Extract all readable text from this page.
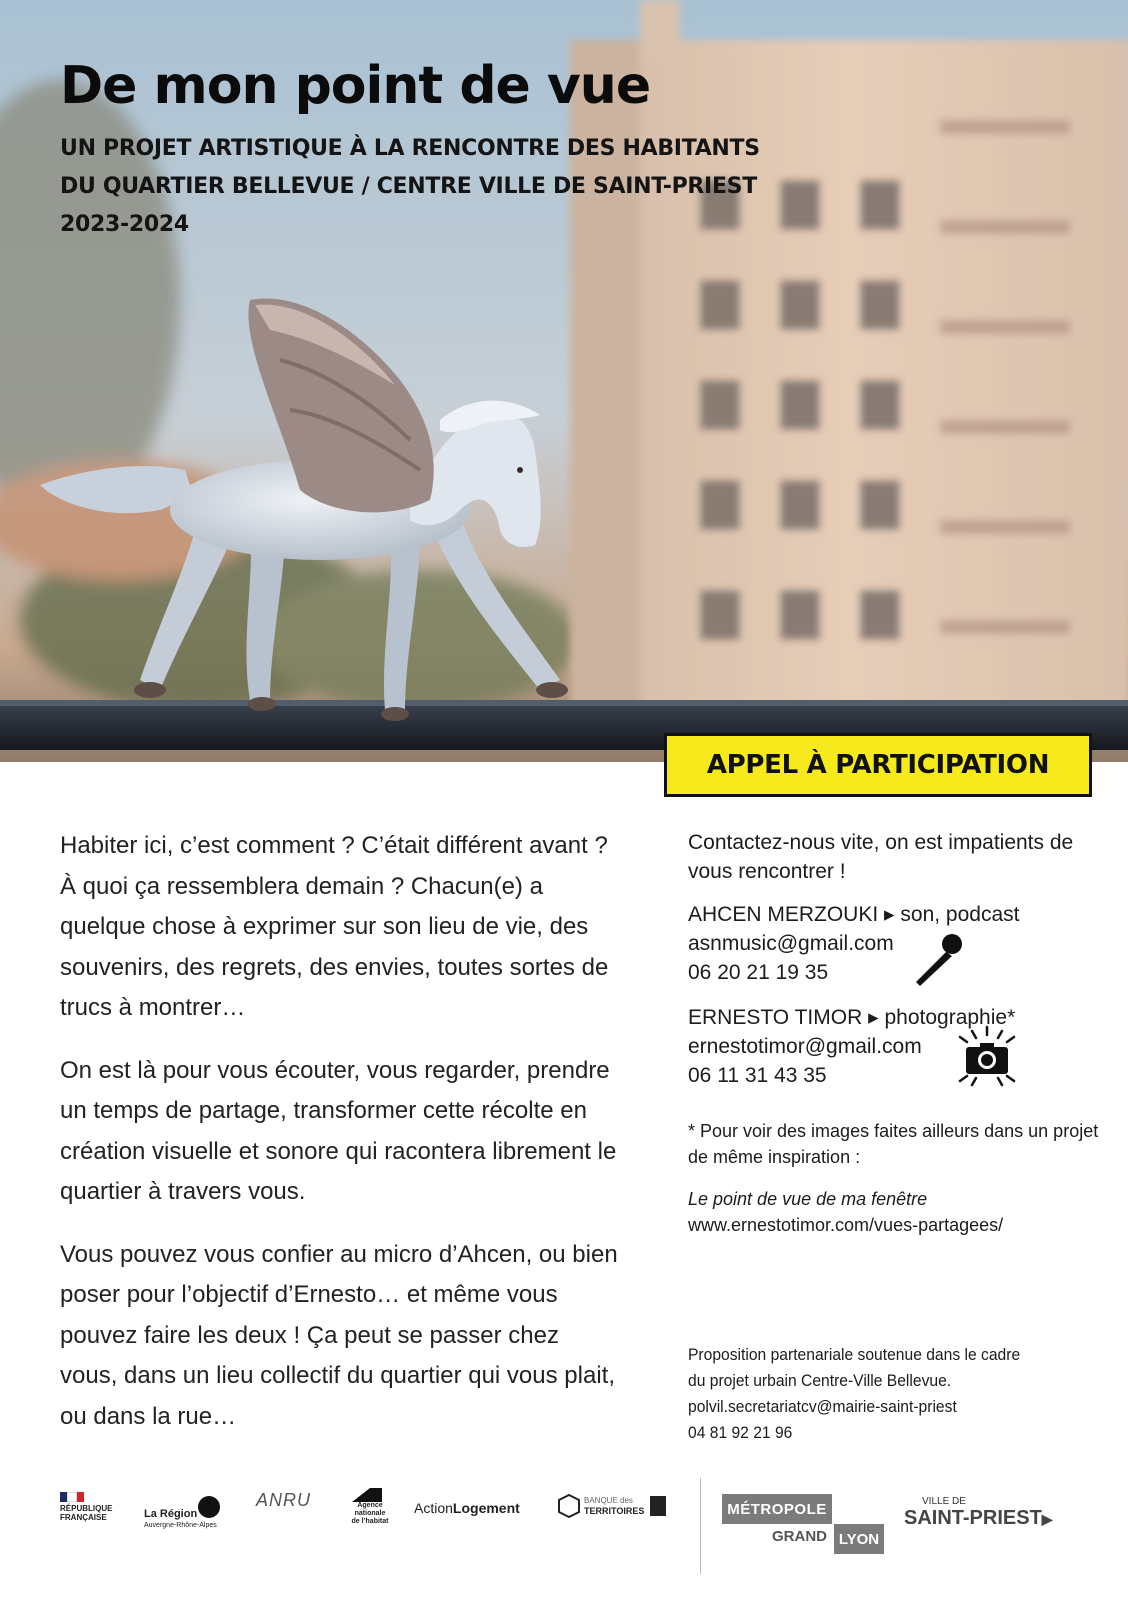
De mon point de vue
UN PROJET ARTISTIQUE À LA RENCONTRE DES HABITANTS
DU QUARTIER BELLEVUE / CENTRE VILLE DE SAINT-PRIEST
2023-2024
APPEL À PARTICIPATION

Habiter ici, c’est comment ? C’était différent avant ? À quoi ça ressemblera demain ? Chacun(e) a quelque chose à exprimer sur son lieu de vie, des souvenirs, des regrets, des envies, toutes sortes de trucs à montrer…

On est là pour vous écouter, vous regarder, prendre un temps de partage, transformer cette récolte en création visuelle et sonore qui racontera librement le quartier à travers vous.

Vous pouvez vous confier au micro d’Ahcen, ou bien poser pour l’objectif d’Ernesto… et même vous pouvez faire les deux ! Ça peut se passer chez vous, dans un lieu collectif du quartier qui vous plait, ou dans la rue…

Contactez-nous vite, on est impatients de vous rencontrer !
AHCEN MERZOUKI ▸ son, podcast
asnmusic@gmail.com
06 20 21 19 35
ERNESTO TIMOR ▸ photographie*
ernestotimor@gmail.com
06 11 31 43 35
* Pour voir des images faites ailleurs dans un projet de même inspiration :
Le point de vue de ma fenêtre
www.ernestotimor.com/vues-partagees/
Proposition partenariale soutenue dans le cadre
du projet urbain Centre-Ville Bellevue.
polvil.secretariatcv@mairie-saint-priest
04 81 92 21 96
RÉPUBLIQUE
FRANÇAISE	La Région
Auvergne-Rhône-Alpes
ANRU	Agence
nationale
de l’habitat
ActionLogement	BANQUE des
TERRITOIRES	MÉTROPOLE
GRAND LYON
VILLE DE
SAINT-PRIEST▶
